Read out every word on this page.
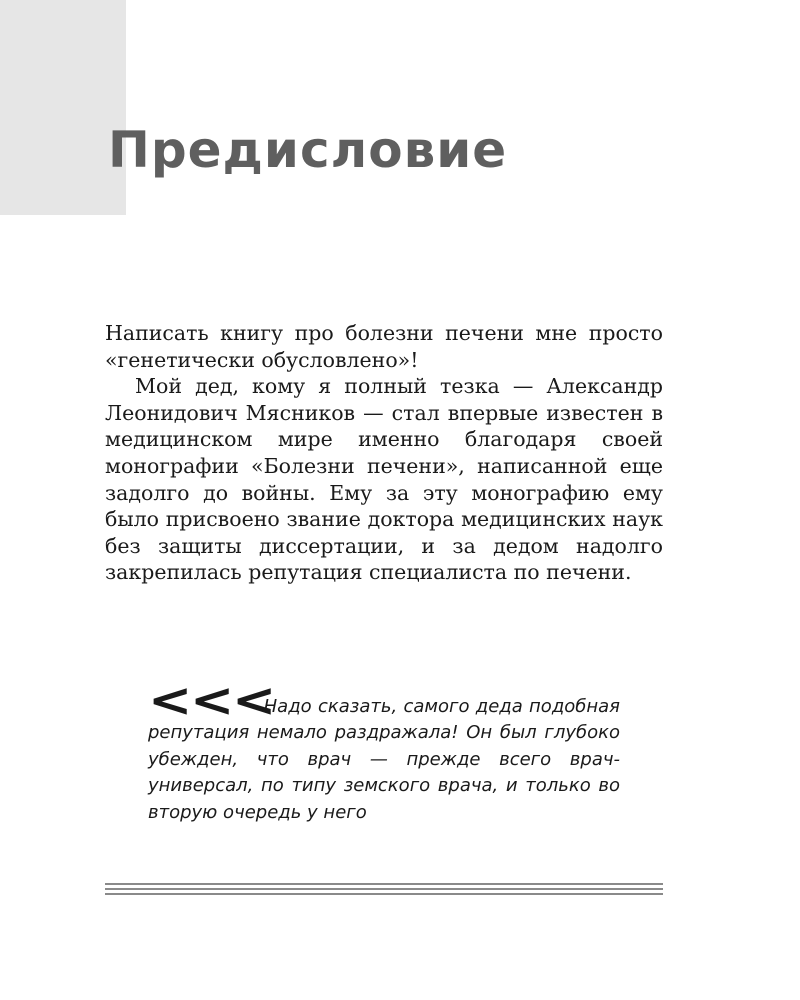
Предисловие

Написать книгу про болезни печени мне просто «генетически обусловлено»!

Мой дед, кому я полный тезка — Александр Леонидович Мясников — стал впервые известен в медицинском мире именно благодаря своей монографии «Болезни печени», написанной еще задолго до войны. Ему за эту монографию ему было присвоено звание доктора медицинских наук без защиты диссертации, и за дедом надолго закрепилась репутация специалиста по печени.

<<<

Надо сказать, самого деда подобная репутация немало раздражала! Он был глубоко убежден, что врач — прежде всего врач-универсал, по типу земского врача, и только во вторую очередь у него
